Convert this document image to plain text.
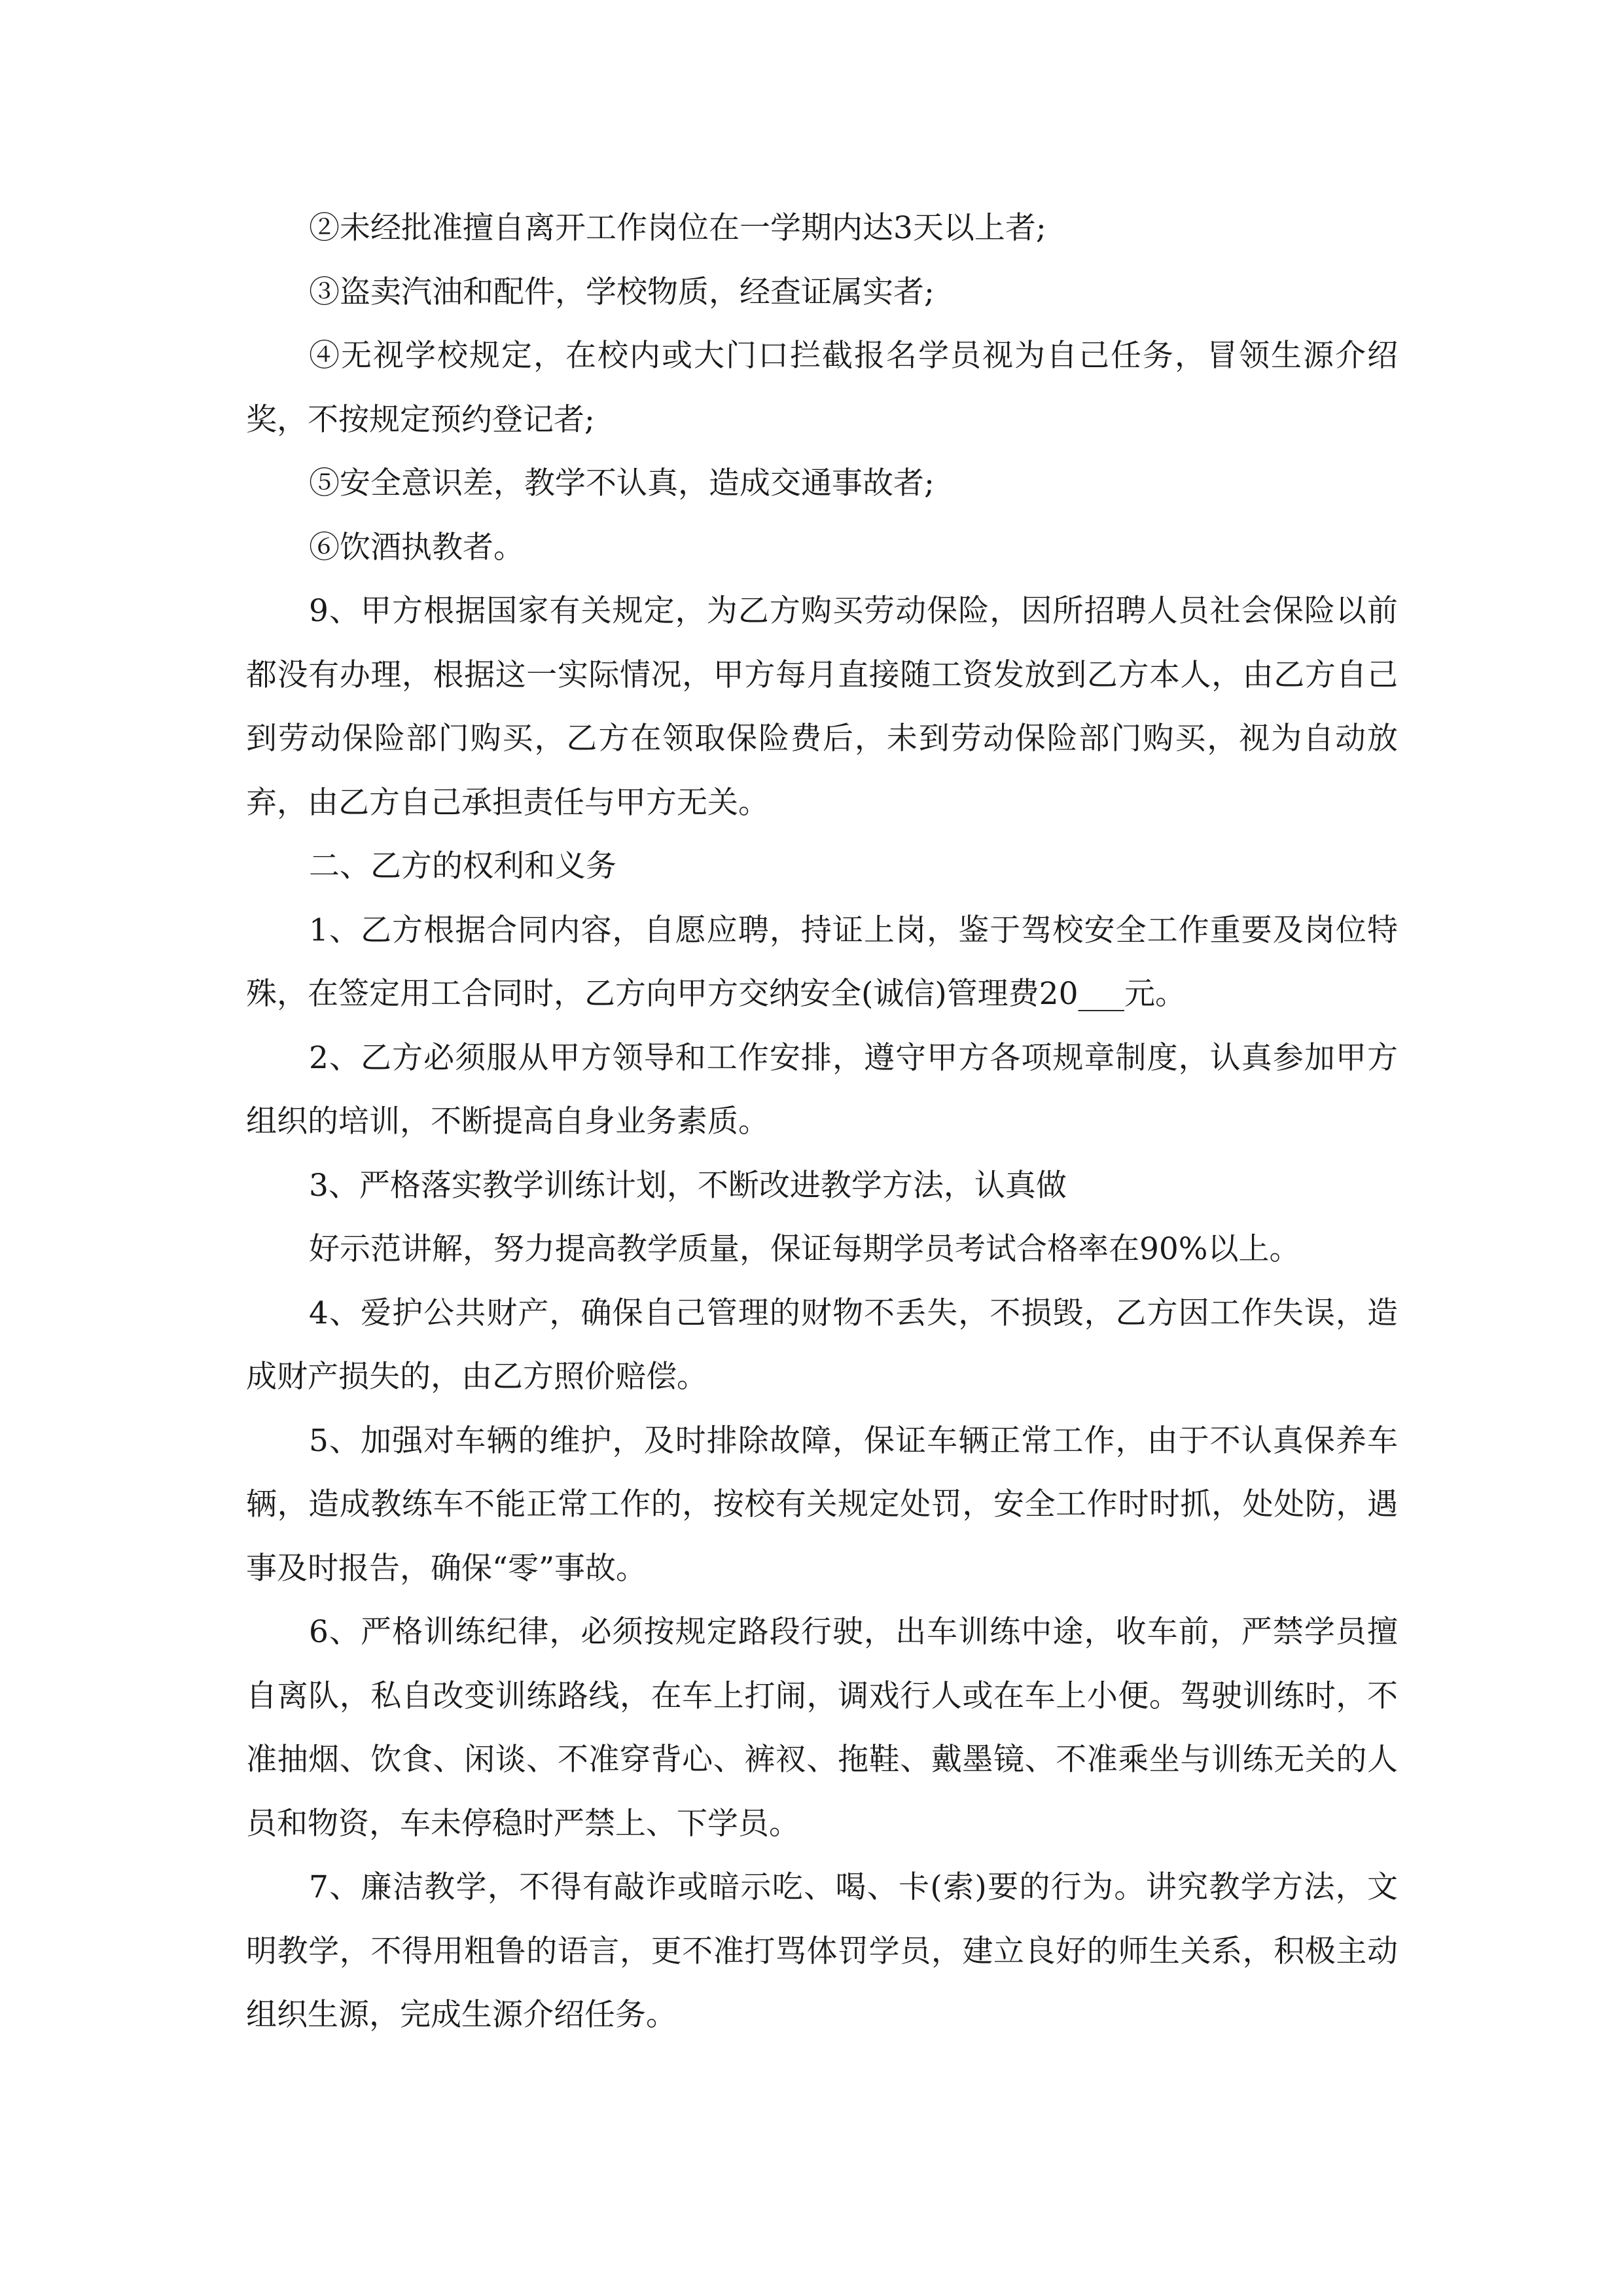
②未经批准擅自离开工作岗位在一学期内达3天以上者;

③盗卖汽油和配件，学校物质，经查证属实者;

④无视学校规定，在校内或大门口拦截报名学员视为自己任务，冒领生源介绍奖，不按规定预约登记者;

⑤安全意识差，教学不认真，造成交通事故者;

⑥饮酒执教者。

9、甲方根据国家有关规定，为乙方购买劳动保险，因所招聘人员社会保险以前都没有办理，根据这一实际情况，甲方每月直接随工资发放到乙方本人，由乙方自己到劳动保险部门购买，乙方在领取保险费后，未到劳动保险部门购买，视为自动放弃，由乙方自己承担责任与甲方无关。

二、乙方的权利和义务

1、乙方根据合同内容，自愿应聘，持证上岗，鉴于驾校安全工作重要及岗位特殊，在签定用工合同时，乙方向甲方交纳安全(诚信)管理费20___元。

2、乙方必须服从甲方领导和工作安排，遵守甲方各项规章制度，认真参加甲方组织的培训，不断提高自身业务素质。

3、严格落实教学训练计划，不断改进教学方法，认真做

好示范讲解，努力提高教学质量，保证每期学员考试合格率在90%以上。

4、爱护公共财产，确保自己管理的财物不丢失，不损毁，乙方因工作失误，造成财产损失的，由乙方照价赔偿。

5、加强对车辆的维护，及时排除故障，保证车辆正常工作，由于不认真保养车辆，造成教练车不能正常工作的，按校有关规定处罚，安全工作时时抓，处处防，遇事及时报告，确保“零”事故。

6、严格训练纪律，必须按规定路段行驶，出车训练中途，收车前，严禁学员擅自离队，私自改变训练路线，在车上打闹，调戏行人或在车上小便。驾驶训练时，不准抽烟、饮食、闲谈、不准穿背心、裤衩、拖鞋、戴墨镜、不准乘坐与训练无关的人员和物资，车未停稳时严禁上、下学员。

7、廉洁教学，不得有敲诈或暗示吃、喝、卡(索)要的行为。讲究教学方法，文明教学，不得用粗鲁的语言，更不准打骂体罚学员，建立良好的师生关系，积极主动组织生源，完成生源介绍任务。
